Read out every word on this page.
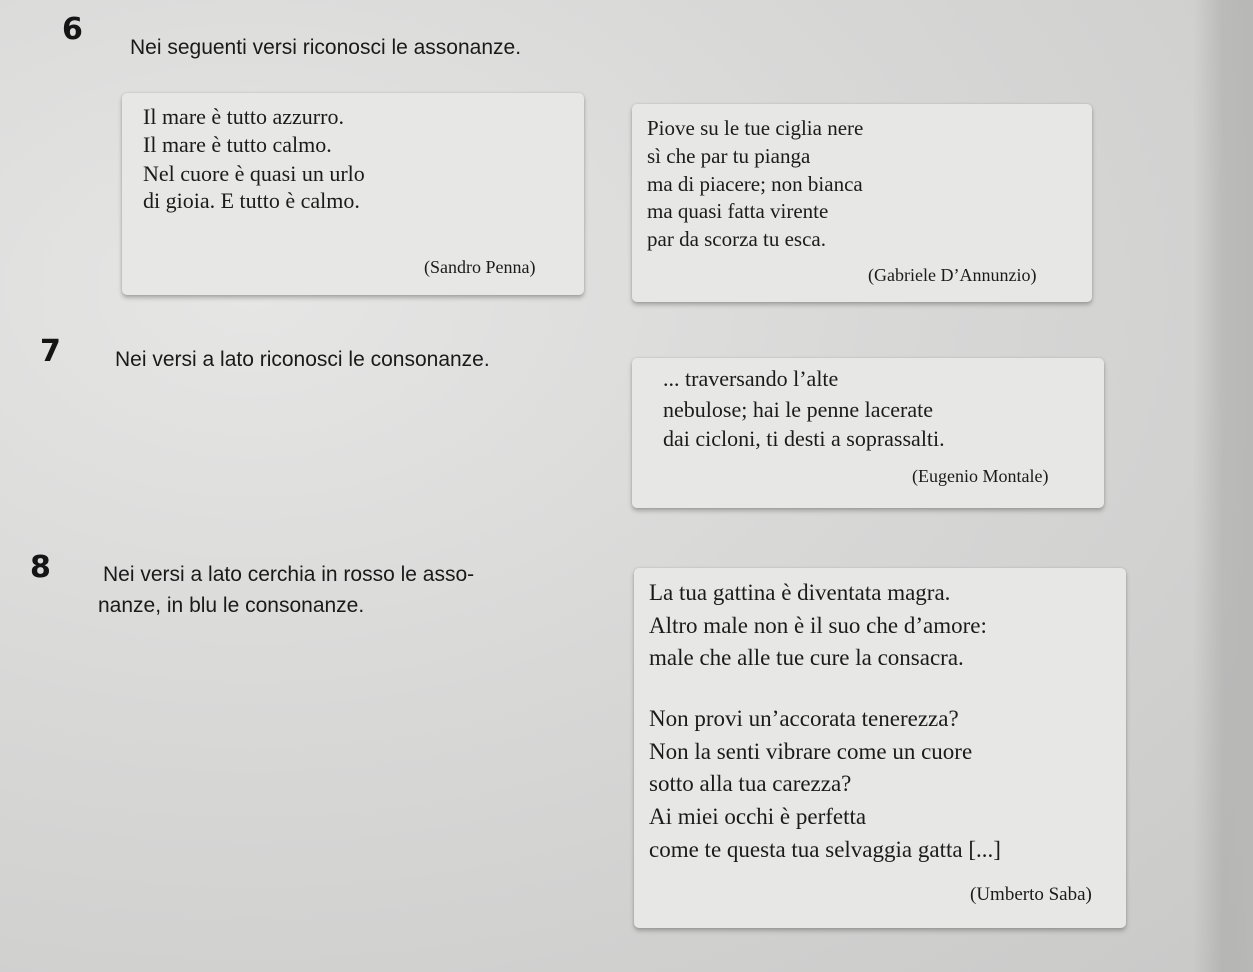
6
Nei seguenti versi riconosci le assonanze.
Il mare è tutto azzurro.
Il mare è tutto calmo.
Nel cuore è quasi un urlo
di gioia. E tutto è calmo.
(Sandro Penna)
Piove su le tue ciglia nere
sì che par tu pianga
ma di piacere; non bianca
ma quasi fatta virente
par da scorza tu esca.
(Gabriele D’Annunzio)
7	Nei versi a lato riconosci le consonanze.
... traversando l’alte
nebulose; hai le penne lacerate
dai cicloni, ti desti a soprassalti.
(Eugenio Montale)
8 Nei versi a lato cerchia in rosso le asso-
nanze, in blu le consonanze.
La tua gattina è diventata magra.
Altro male non è il suo che d’amore:
male che alle tue cure la consacra.
Non provi un’accorata tenerezza?
Non la senti vibrare come un cuore
sotto alla tua carezza?
Ai miei occhi è perfetta
come te questa tua selvaggia gatta [...]
(Umberto Saba)
